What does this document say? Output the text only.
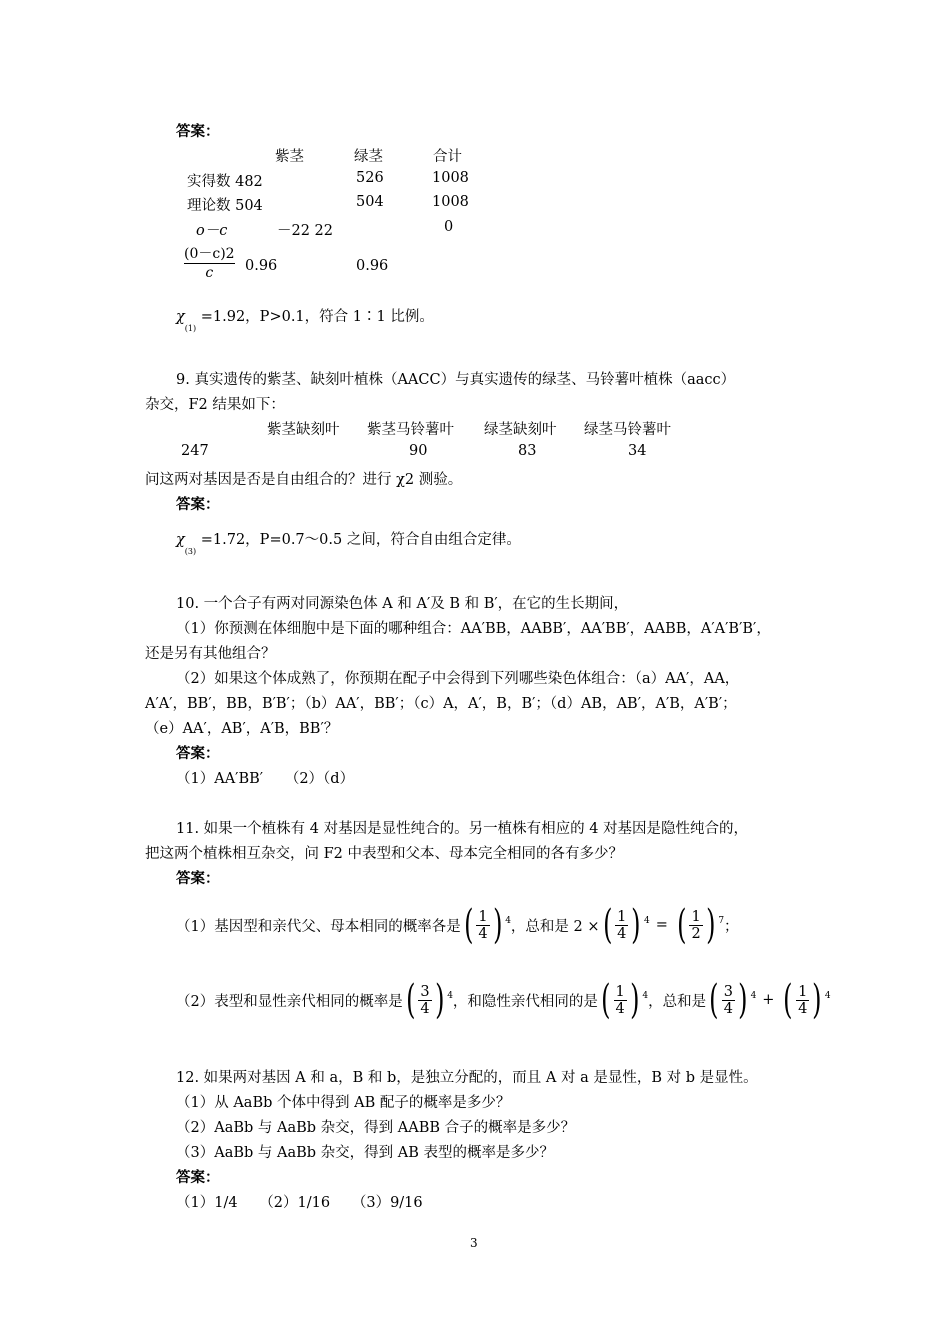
答案：
紫茎	绿茎	合计
实得数 482	526	1008
理论数 504	504	1008
o－c	－22 22	0
$\frac{(0-c)2}{c} 0.96$	0.96
$\chi_{(1)} =1.92$，P>0.1，符合 1∶1 比例。
9. 真实遗传的紫茎、缺刻叶植株（AACC）与真实遗传的绿茎、马铃薯叶植株（aacc）
杂交，F2 结果如下：
紫茎缺刻叶 紫茎马铃薯叶 绿茎缺刻叶 绿茎马铃薯叶
247	90	83	34
问这两对基因是否是自由组合的？进行 χ2 测验。
答案：
$\chi_{(3)} =1.72$，P=0.7～0.5 之间，符合自由组合定律。
10. 一个合子有两对同源染色体 A 和 A′及 B 和 B′，在它的生长期间，
（1）你预测在体细胞中是下面的哪种组合：AA′BB，AABB′，AA′BB′，AABB，A′A′B′B′，
还是另有其他组合？
（2）如果这个体成熟了，你预期在配子中会得到下列哪些染色体组合：（a）AA′，AA，
A′A′，BB′，BB，B′B′；（b）AA′，BB′；（c）A，A′，B，B′；（d）AB，AB′，A′B，A′B′；
（e）AA′，AB′，A′B，BB′？
答案：
（1）AA′BB′　　（2）（d）
11. 如果一个植株有 4 对基因是显性纯合的。另一植株有相应的 4 对基因是隐性纯合的，
把这两个植株相互杂交，问 F2 中表型和父本、母本完全相同的各有多少？
答案：
（1）基因型和亲代父、母本相同的概率各是 ( $\frac{1}{4}$ ) 4 ，总和是 2 × ( $\frac{1}{4}$ ) 4 = ( $\frac{1}{2}$ ) 7 ；
（2）表型和显性亲代相同的概率是 ( $\frac{3}{4}$ ) 4 ，和隐性亲代相同的是 ( $\frac{1}{4}$ ) 4 ，总和是 ( $\frac{3}{4}$ ) 4 + ( $\frac{1}{4}$ ) 4
12. 如果两对基因 A 和 a，B 和 b，是独立分配的，而且 A 对 a 是显性，B 对 b 是显性。
（1）从 AaBb 个体中得到 AB 配子的概率是多少？
（2）AaBb 与 AaBb 杂交，得到 AABB 合子的概率是多少？
（3）AaBb 与 AaBb 杂交，得到 AB 表型的概率是多少？
答案：
（1）1/4　　（2）1/16　　（3）9/16
3
